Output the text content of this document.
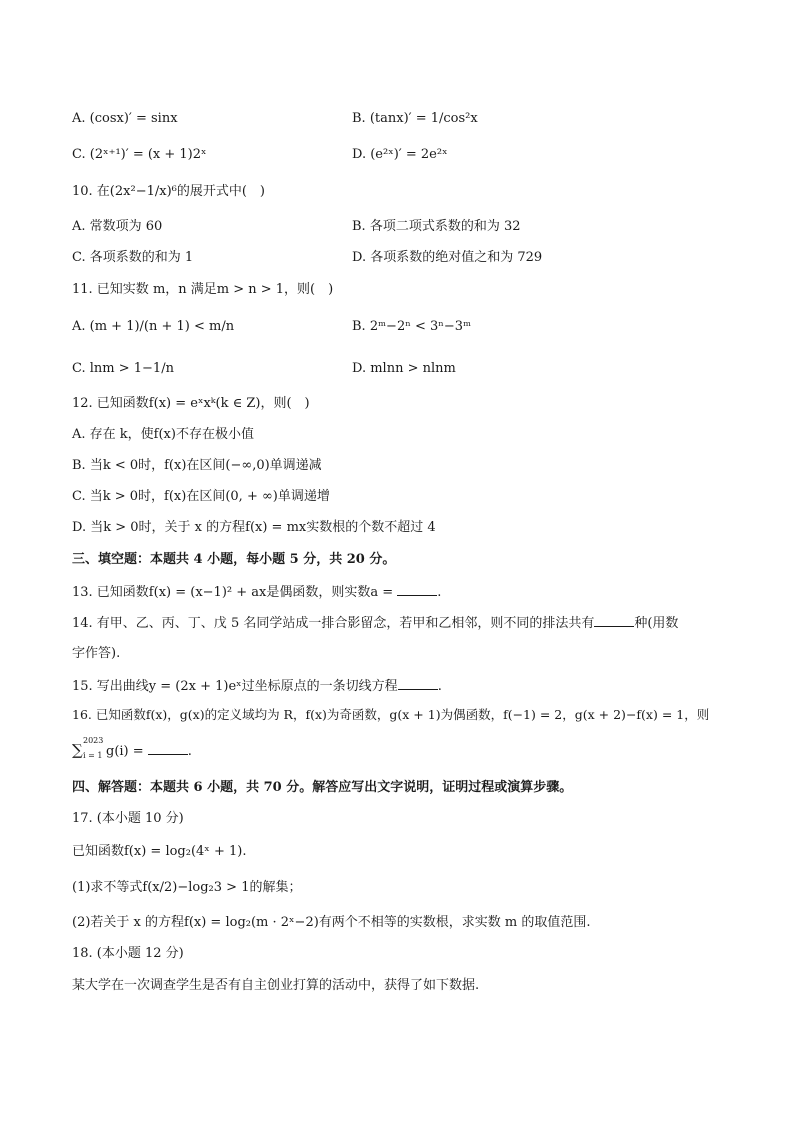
A. (cosx)′ = sinx	B. (tanx)′ = 1/cos²x
C. (2ˣ⁺¹)′ = (x + 1)2ˣ	D. (e²ˣ)′ = 2e²ˣ
10. 在(2x²−1/x)⁶的展开式中(　)
A. 常数项为 60	B. 各项二项式系数的和为 32
C. 各项系数的和为 1	D. 各项系数的绝对值之和为 729
11. 已知实数 m，n 满足m > n > 1，则(　)
A. (m + 1)/(n + 1) < m/n	B. 2ᵐ−2ⁿ < 3ⁿ−3ᵐ
C. lnm > 1−1/n	D. mlnn > nlnm
12. 已知函数f(x) = eˣxᵏ(k ∈ Z)，则(　)
A. 存在 k，使f(x)不存在极小值
B. 当k < 0时，f(x)在区间(−∞,0)单调递减
C. 当k > 0时，f(x)在区间(0, + ∞)单调递增
D. 当k > 0时，关于 x 的方程f(x) = mx实数根的个数不超过 4
三、填空题：本题共 4 小题，每小题 5 分，共 20 分。
13. 已知函数f(x) = (x−1)² + ax是偶函数，则实数a =	.
14. 有甲、乙、丙、丁、戊 5 名同学站成一排合影留念，若甲和乙相邻，则不同的排法共有	种(用数
字作答).
15. 写出曲线y = (2x + 1)eˣ过坐标原点的一条切线方程	.
16. 已知函数f(x)，g(x)的定义域均为 R，f(x)为奇函数，g(x + 1)为偶函数，f(−1) = 2，g(x + 2)−f(x) = 1，则
∑
2023
i = 1 g(i) =	.
四、解答题：本题共 6 小题，共 70 分。解答应写出文字说明，证明过程或演算步骤。
17. (本小题 10 分)
已知函数f(x) = log₂(4ˣ + 1).
(1)求不等式f(x/2)−log₂3 > 1的解集；
(2)若关于 x 的方程f(x) = log₂(m · 2ˣ−2)有两个不相等的实数根，求实数 m 的取值范围.
18. (本小题 12 分)
某大学在一次调查学生是否有自主创业打算的活动中，获得了如下数据.
